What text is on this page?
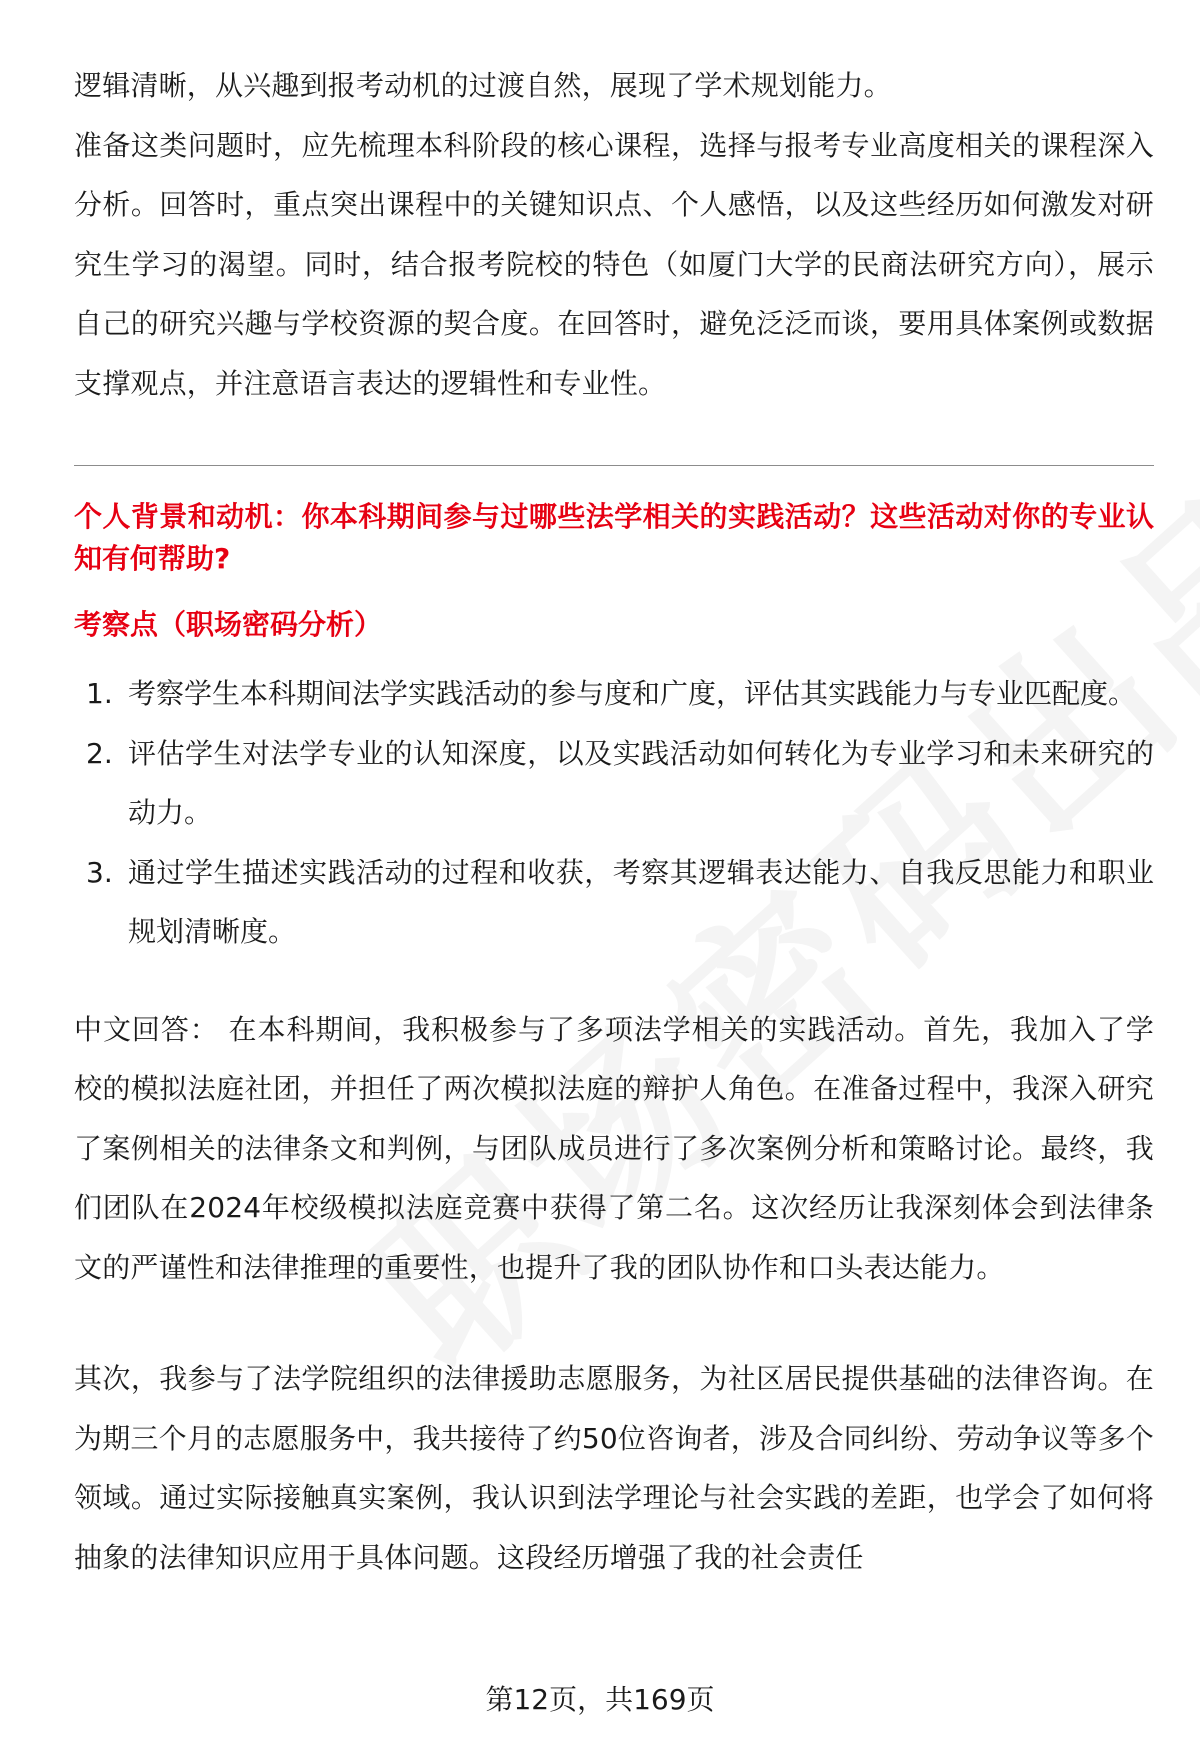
逻辑清晰，从兴趣到报考动机的过渡自然，展现了学术规划能力。

准备这类问题时，应先梳理本科阶段的核心课程，选择与报考专业高度相关的课程深入分析。回答时，重点突出课程中的关键知识点、个人感悟，以及这些经历如何激发对研究生学习的渴望。同时，结合报考院校的特色（如厦门大学的民商法研究方向），展示自己的研究兴趣与学校资源的契合度。在回答时，避免泛泛而谈，要用具体案例或数据支撑观点，并注意语言表达的逻辑性和专业性。

个人背景和动机：你本科期间参与过哪些法学相关的实践活动？这些活动对你的专业认知有何帮助?
考察点（职场密码分析）
1. 考察学生本科期间法学实践活动的参与度和广度，评估其实践能力与专业匹配度。
2. 评估学生对法学专业的认知深度，以及实践活动如何转化为专业学习和未来研究的动力。
3. 通过学生描述实践活动的过程和收获，考察其逻辑表达能力、自我反思能力和职业规划清晰度。

中文回答： 在本科期间，我积极参与了多项法学相关的实践活动。首先，我加入了学校的模拟法庭社团，并担任了两次模拟法庭的辩护人角色。在准备过程中，我深入研究了案例相关的法律条文和判例，与团队成员进行了多次案例分析和策略讨论。最终，我们团队在2024年校级模拟法庭竞赛中获得了第二名。这次经历让我深刻体会到法律条文的严谨性和法律推理的重要性，也提升了我的团队协作和口头表达能力。

其次，我参与了法学院组织的法律援助志愿服务，为社区居民提供基础的法律咨询。在为期三个月的志愿服务中，我共接待了约50位咨询者，涉及合同纠纷、劳动争议等多个领域。通过实际接触真实案例，我认识到法学理论与社会实践的差距，也学会了如何将抽象的法律知识应用于具体问题。这段经历增强了我的社会责任

第12页，共169页
